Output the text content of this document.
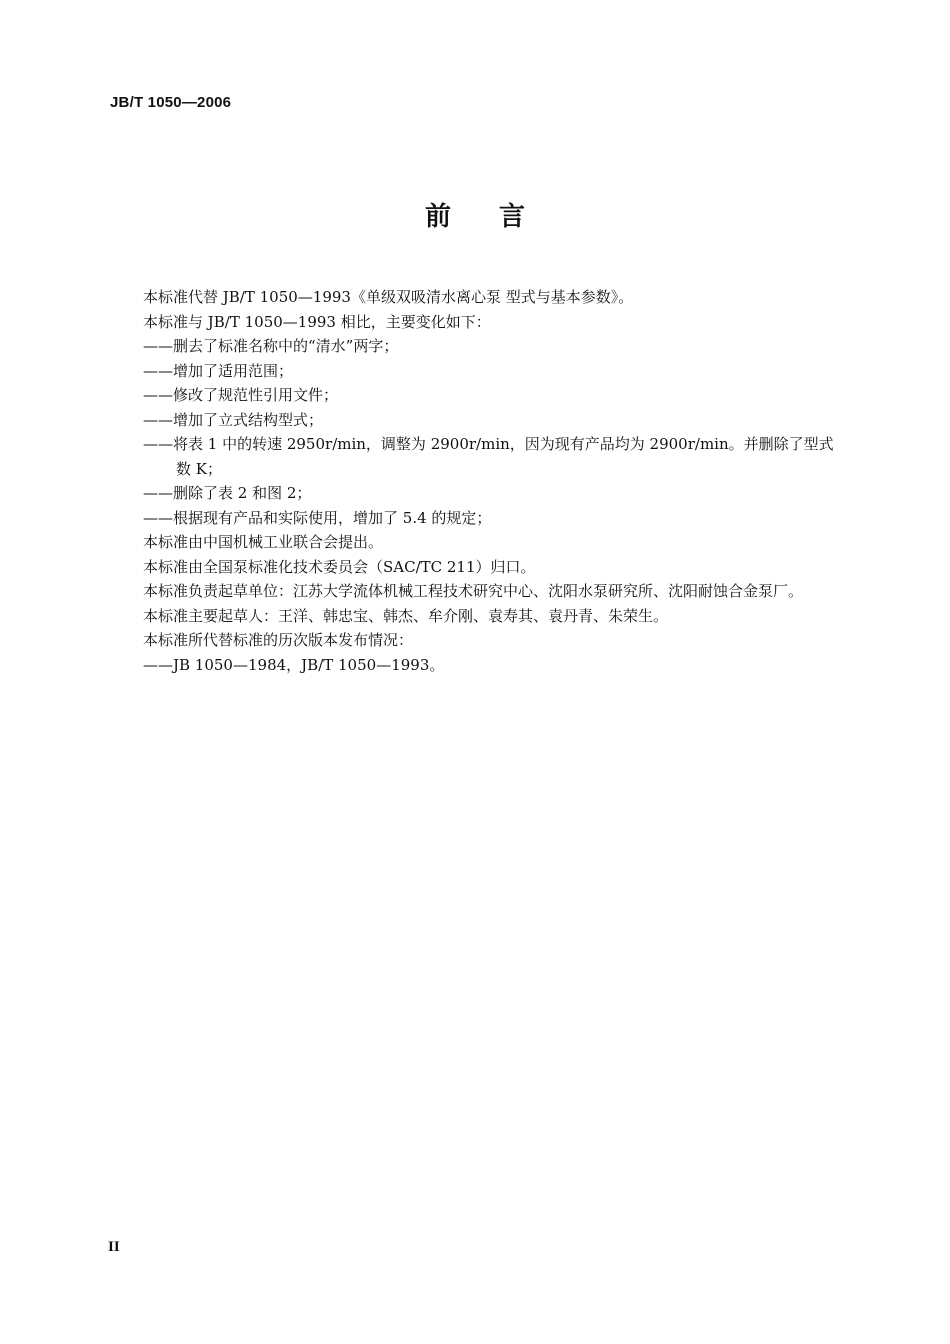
JB/T 1050—2006
前言
本标准代替 JB/T 1050—1993《单级双吸清水离心泵 型式与基本参数》。
本标准与 JB/T 1050—1993 相比，主要变化如下：
——删去了标准名称中的“清水”两字；
——增加了适用范围；
——修改了规范性引用文件；
——增加了立式结构型式；
——将表 1 中的转速 2950r/min，调整为 2900r/min，因为现有产品均为 2900r/min。并删除了型式
数 K；
——删除了表 2 和图 2；
——根据现有产品和实际使用，增加了 5.4 的规定；
本标准由中国机械工业联合会提出。
本标准由全国泵标准化技术委员会（SAC/TC 211）归口。
本标准负责起草单位：江苏大学流体机械工程技术研究中心、沈阳水泵研究所、沈阳耐蚀合金泵厂。
本标准主要起草人：王洋、韩忠宝、韩杰、牟介刚、袁寿其、袁丹青、朱荣生。
本标准所代替标准的历次版本发布情况：
——JB 1050—1984，JB/T 1050—1993。
II
